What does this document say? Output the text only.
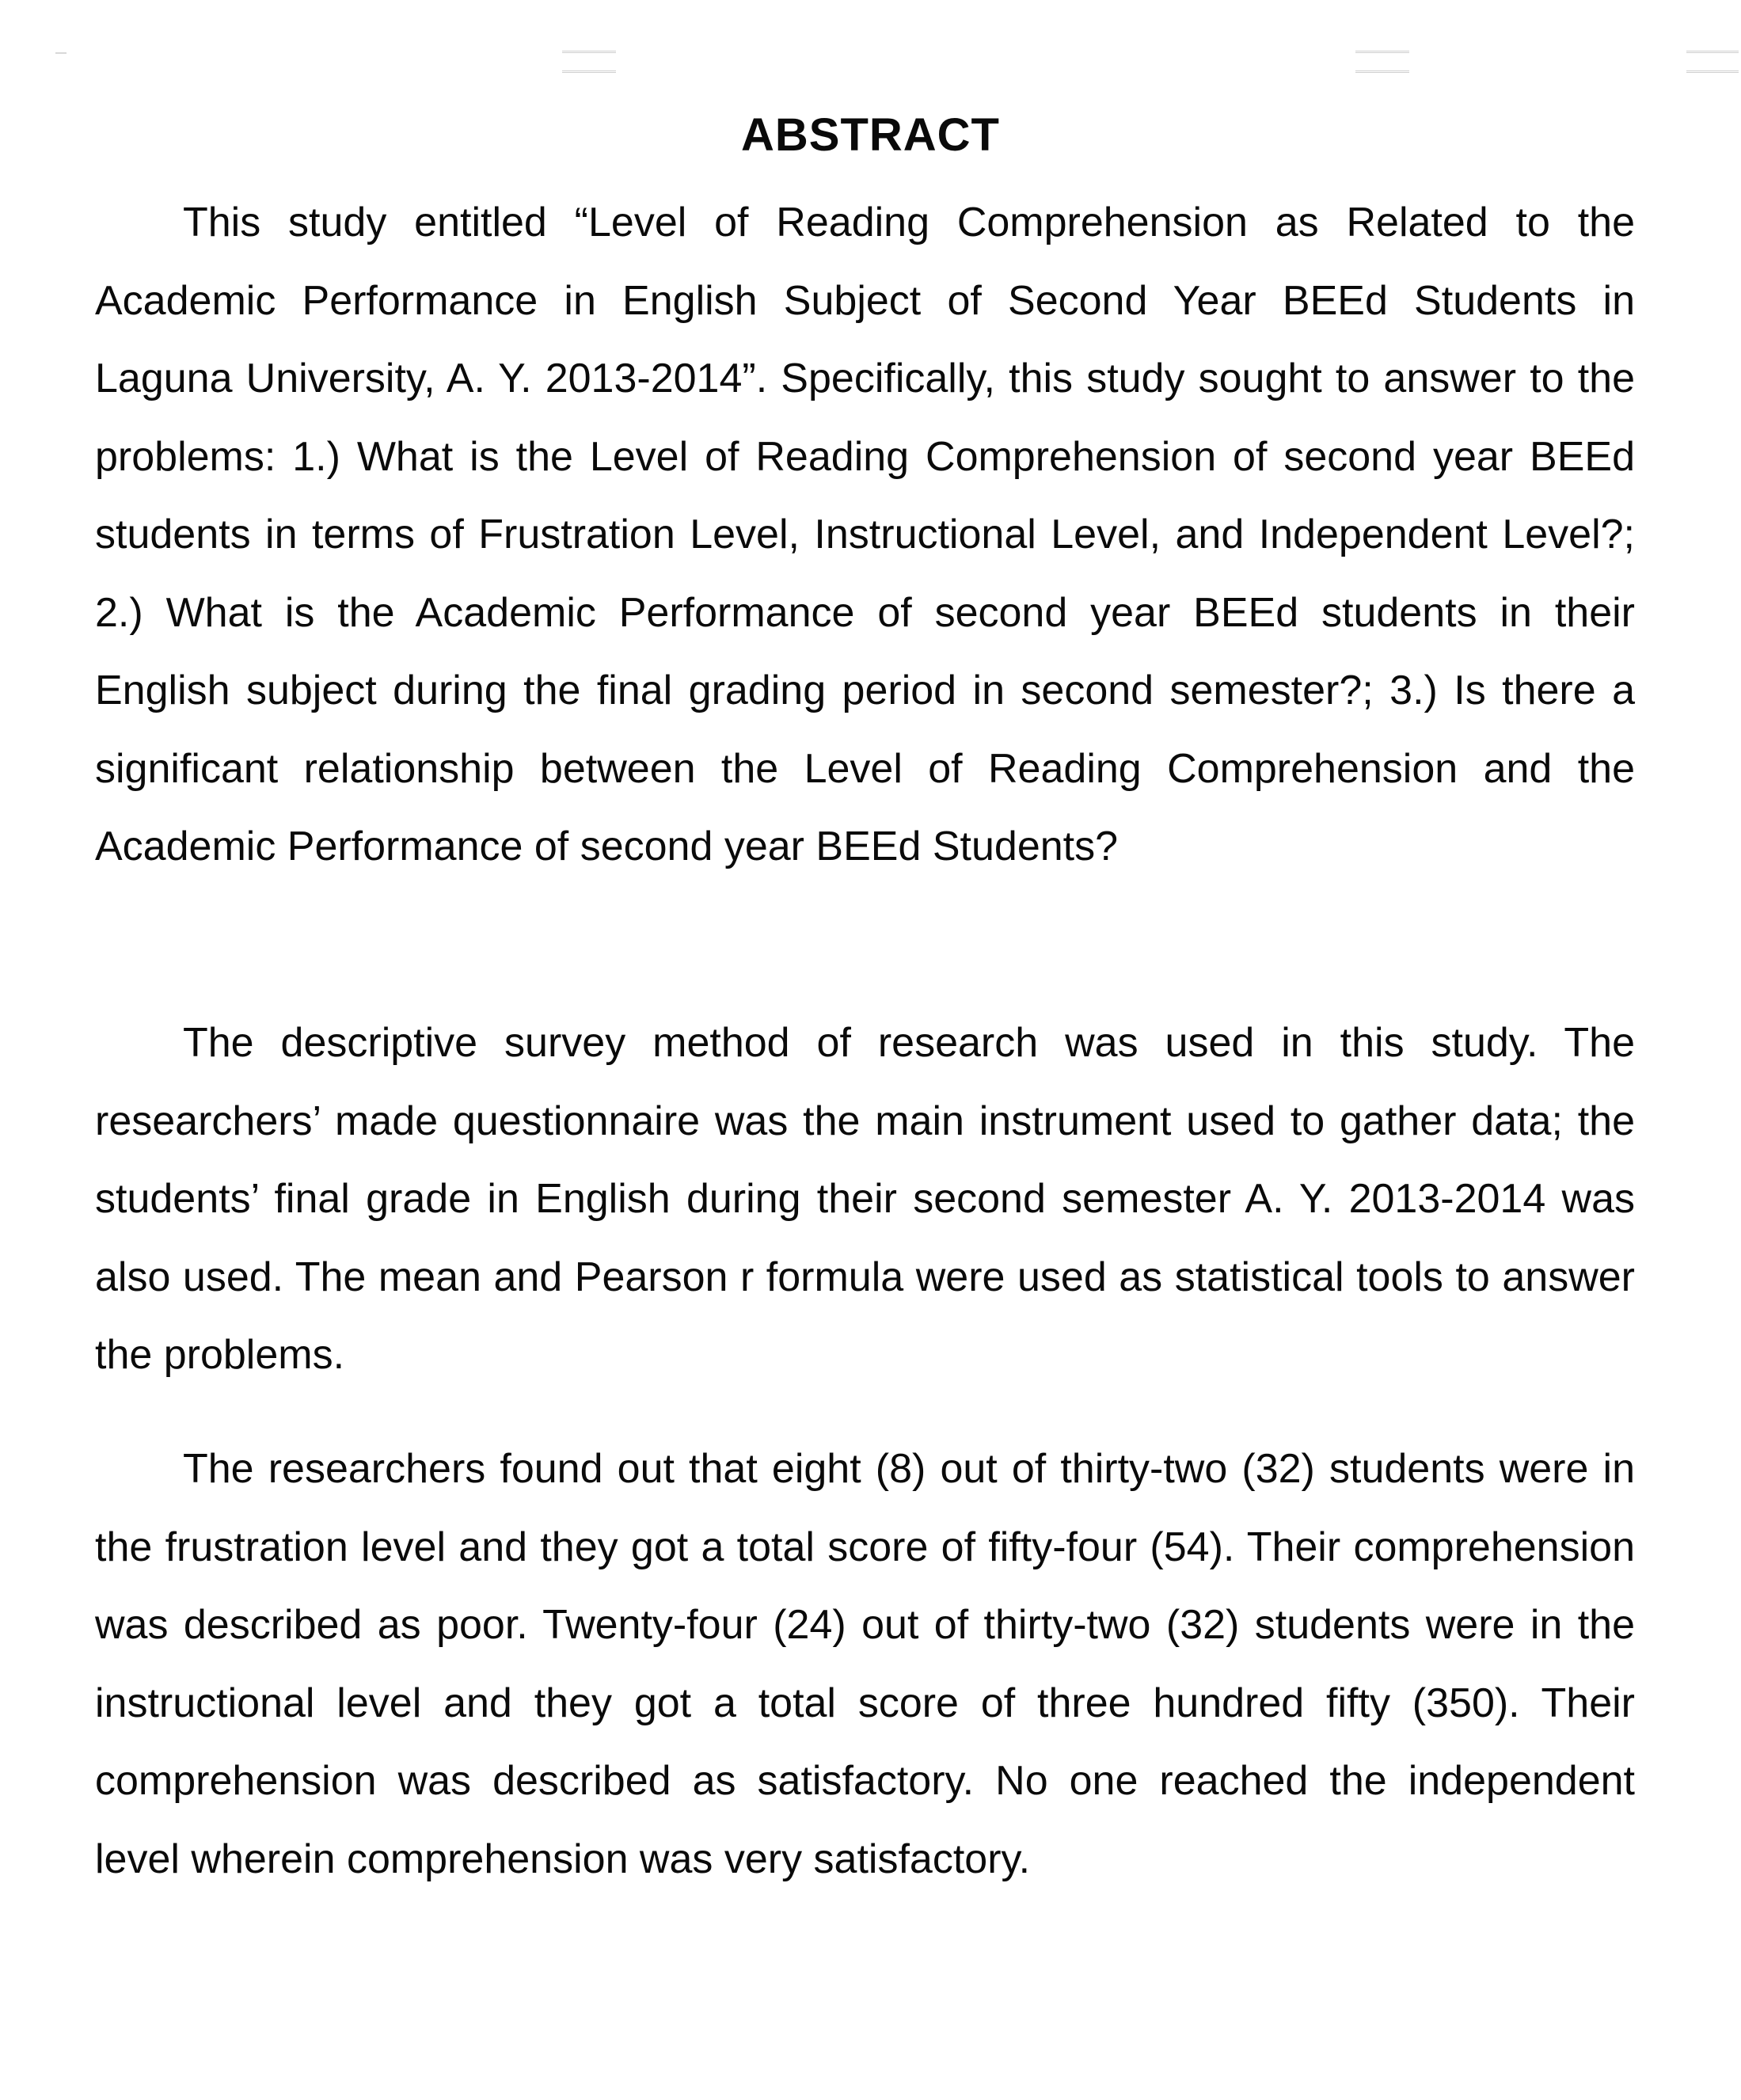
ABSTRACT

This study entitled “Level of Reading Comprehension as Related to the Academic Performance in English Subject of Second Year BEEd Students in Laguna University, A. Y. 2013-2014”. Specifically, this study sought to answer to the problems: 1.) What is the Level of Reading Comprehension of second year BEEd students in terms of Frustration Level, Instructional Level, and Independent Level?; 2.) What is the Academic Performance of second year BEEd students in their English subject during the final grading period in second semester?; 3.) Is there a significant relationship between the Level of Reading Comprehension and the Academic Performance of second year BEEd Students?

The descriptive survey method of research was used in this study. The researchers’ made questionnaire was the main instrument used to gather data; the students’ final grade in English during their second semester A. Y. 2013-2014 was also used. The mean and Pearson r formula were used as statistical tools to answer the problems.

The researchers found out that eight (8) out of thirty-two (32) students were in the frustration level and they got a total score of fifty-four (54). Their comprehension was described as poor. Twenty-four (24) out of thirty-two (32) students were in the instructional level and they got a total score of three hundred fifty (350). Their comprehension was described as satisfactory. No one reached the independent level wherein comprehension was very satisfactory.
